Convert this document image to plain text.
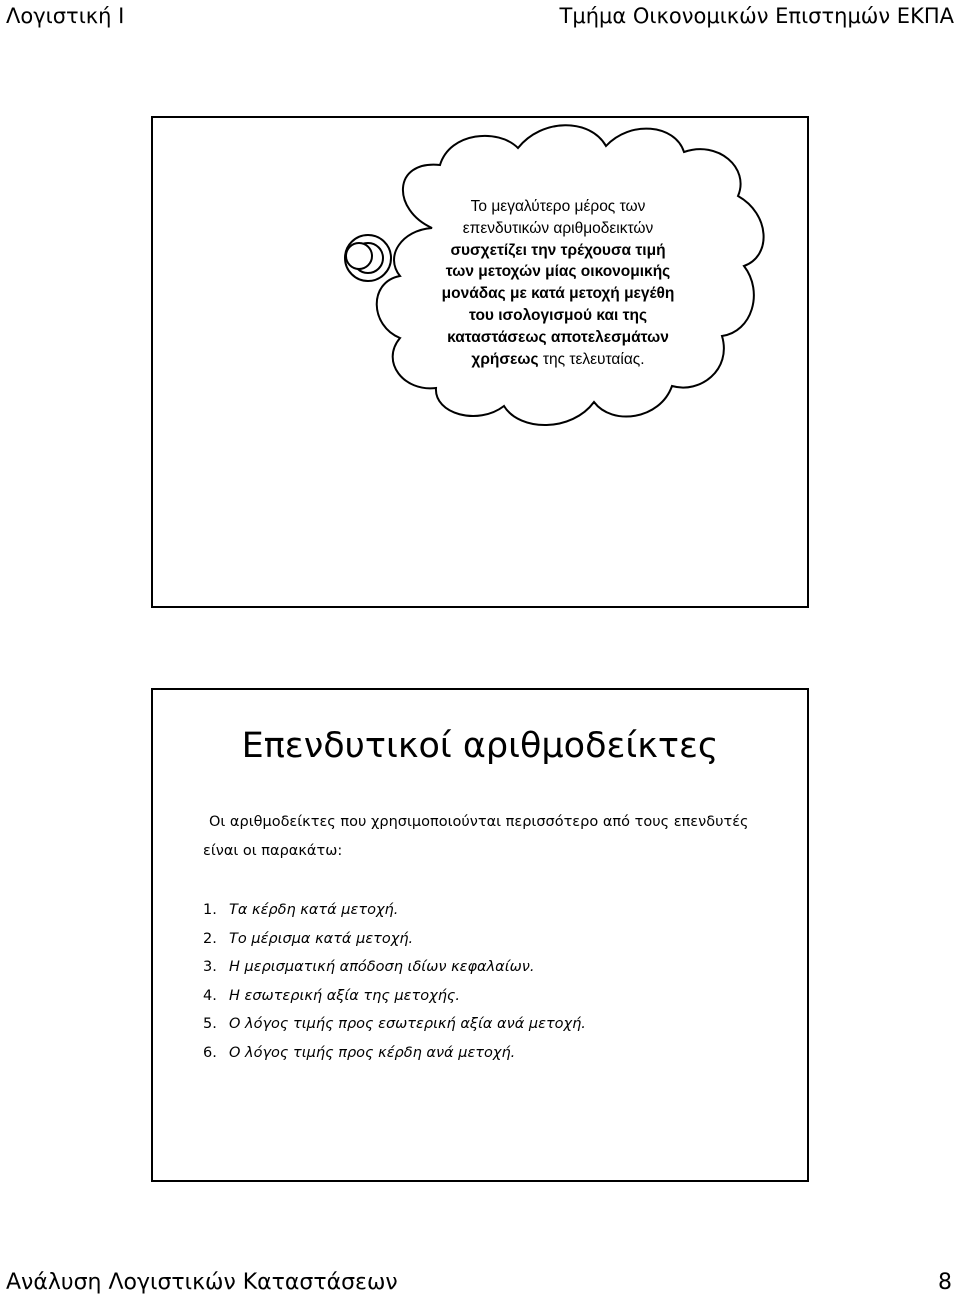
Λογιστική Ι	Τμήμα Οικονομικών Επιστημών ΕΚΠΑ
Το μεγαλύτερο μέρος των
επενδυτικών αριθμοδεικτών
συσχετίζει την τρέχουσα τιμή
των μετοχών μίας οικονομικής
μονάδας με κατά μετοχή μεγέθη
του ισολογισμού και της
καταστάσεως αποτελεσμάτων
χρήσεως της τελευταίας.
Επενδυτικοί αριθμοδείκτες
Οι αριθμοδείκτες που χρησιμοποιούνται περισσότερο από τους επενδυτές
είναι οι παρακάτω:
1. Τα κέρδη κατά μετοχή.
2. Το μέρισμα κατά μετοχή.
3. Η μερισματική απόδοση ιδίων κεφαλαίων.
4. Η εσωτερική αξία της μετοχής.
5. Ο λόγος τιμής προς εσωτερική αξία ανά μετοχή.
6. Ο λόγος τιμής προς κέρδη ανά μετοχή.
Ανάλυση Λογιστικών Καταστάσεων	8
